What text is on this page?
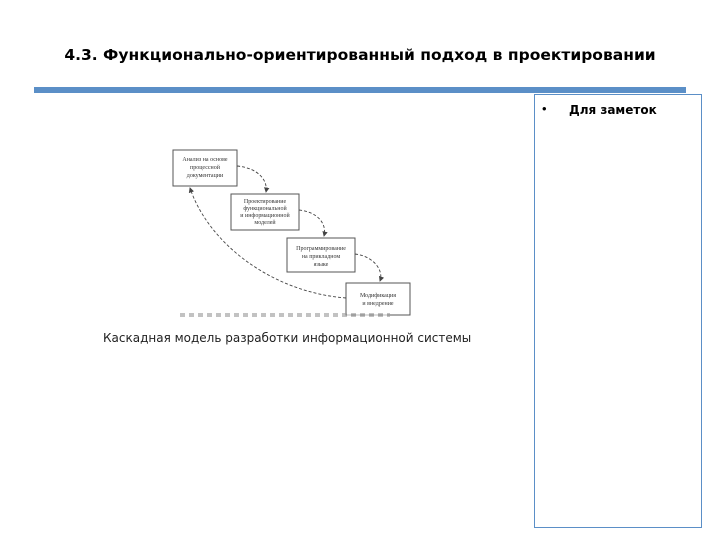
4.3. Функционально-ориентированный подход в проектировании
• Для заметок
Анализ на основе
процессной
документации
Проектирование
функциональной
и информационной
моделей
Программирование
на прикладном
языке
Модификация
и внедрение
Каскадная модель разработки информационной системы
